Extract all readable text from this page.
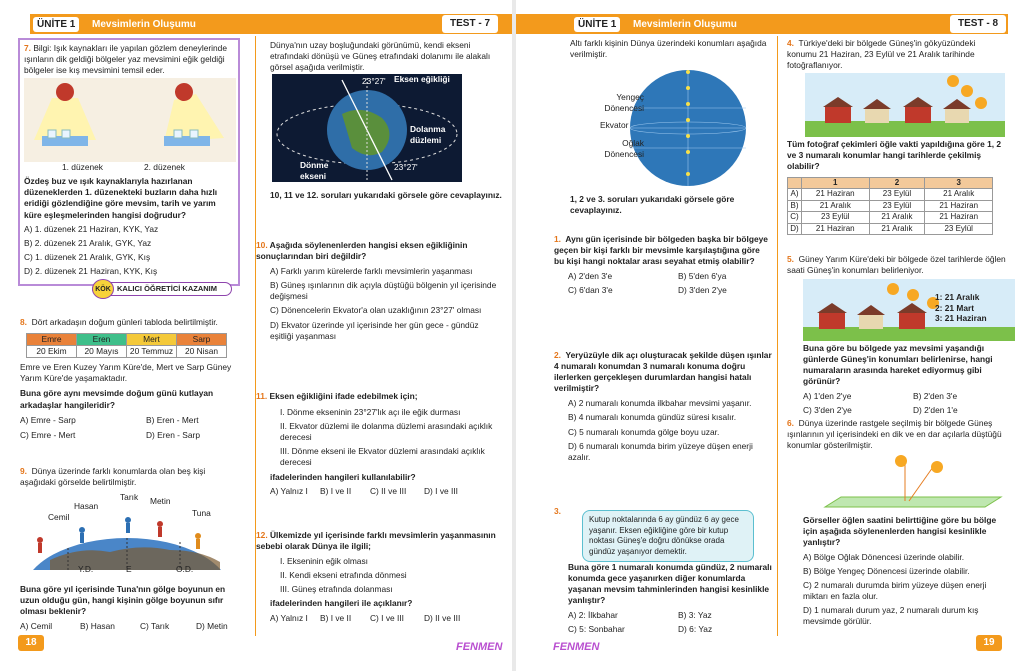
ÜNİTE 1	Mevsimlerin Oluşumu	TEST - 7	ÜNİTE 1	Mevsimlerin Oluşumu	TEST - 8
7. Bilgi: Işık kaynakları ile yapılan gözlem deneylerinde ışınların dik geldiği bölgeler yaz mevsimini eğik geldiği bölgeler ise kış mevsimini temsil eder.
1. düzenek	2. düzenek
Özdeş buz ve ışık kaynaklarıyla hazırlanan düzeneklerden 1. düzenekteki buzların daha hızlı eridiği gözlendiğine göre mevsim, tarih ve yarım küre eşleşmelerinden hangisi doğrudur?
A) 1. düzenek 21 Haziran, KYK, Yaz
B) 2. düzenek 21 Aralık, GYK, Yaz
C) 1. düzenek 21 Aralık, GYK, Kış
D) 2. düzenek 21 Haziran, KYK, Kış
KALICI ÖĞRETİCİ KAZANIM
KÖK
8. Dört arkadaşın doğum günleri tabloda belirtilmiştir.
Emre	Eren	Mert	Sarp
20 Ekim	20 Mayıs	20 Temmuz	20 Nisan
Emre ve Eren Kuzey Yarım Küre'de, Mert ve Sarp Güney Yarım Küre'de yaşamaktadır.
Buna göre aynı mevsimde doğum günü kutlayan arkadaşlar hangileridir?
A) Emre - Sarp	B) Eren - Mert
C) Emre - Mert	D) Eren - Sarp
9. Dünya üzerinde farklı konumlarda olan beş kişi aşağıdaki görselde belirtilmiştir.
Cemil
Hasan
Tarık Metin
Tuna
Y.D.	E	O.D.
Buna göre yıl içerisinde Tuna'nın gölge boyunun en uzun olduğu gün, hangi kişinin gölge boyunun sıfır olması beklenir?
A) Cemil	B) Hasan	C) Tarık	D) Metin
Dünya'nın uzay boşluğundaki görünümü, kendi ekseni etrafındaki dönüşü ve Güneş etrafındaki dolanımı ile alakalı görsel aşağıda verilmiştir.
23°27' Eksen eğikliği
Dolanma düzlemi
23°27'
Dönme ekseni
10, 11 ve 12. soruları yukarıdaki görsele göre cevaplayınız.
10. Aşağıda söylenenlerden hangisi eksen eğikliğinin sonuçlarından biri değildir?
A) Farklı yarım kürelerde farklı mevsimlerin yaşanması
B) Güneş ışınlarının dik açıyla düştüğü bölgenin yıl içerisinde değişmesi
C) Dönencelerin Ekvator'a olan uzaklığının 23°27' olması
D) Ekvator üzerinde yıl içerisinde her gün gece - gündüz eşitliği yaşanması
11. Eksen eğikliğini ifade edebilmek için;
I. Dönme ekseninin 23°27'lık açı ile eğik durması
II. Ekvator düzlemi ile dolanma düzlemi arasındaki açıklık derecesi
III. Dönme ekseni ile Ekvator düzlemi arasındaki açıklık derecesi
ifadelerinden hangileri kullanılabilir?
A) Yalnız I B) I ve II C) II ve III D) I ve III
12. Ülkemizde yıl içerisinde farklı mevsimlerin yaşanmasının sebebi olarak Dünya ile ilgili;
I. Ekseninin eğik olması
II. Kendi ekseni etrafında dönmesi
III. Güneş etrafında dolanması
ifadelerinden hangileri ile açıklanır?
A) Yalnız I B) I ve II C) I ve III D) II ve III
18	FENMEN
Altı farklı kişinin Dünya üzerindeki konumları aşağıda verilmiştir.
Yengeç Dönencesi
Ekvator
Oğlak Dönencesi
1, 2 ve 3. soruları yukarıdaki görsele göre cevaplayınız.
1. Aynı gün içerisinde bir bölgeden başka bir bölgeye geçen bir kişi farklı bir mevsimle karşılaştığına göre bu kişi hangi noktalar arası seyahat etmiş olabilir?
A) 2'den 3'e	B) 5'den 6'ya
C) 6'dan 3'e	D) 3'den 2'ye
2. Yeryüzüyle dik açı oluşturacak şekilde düşen ışınlar 4 numaralı konumdan 3 numaralı konuma doğru ilerlerken gerçekleşen durumlardan hangisi hatalı verilmiştir?
A) 2 numaralı konumda ilkbahar mevsimi yaşanır.
B) 4 numaralı konumda gündüz süresi kısalır.
C) 5 numaralı konumda gölge boyu uzar.
D) 6 numaralı konumda birim yüzeye düşen enerji azalır.
3.
Kutup noktalarında 6 ay gündüz 6 ay gece yaşanır. Eksen eğikliğine göre bir kutup noktası Güneş'e doğru dönükse orada gündüz yaşanıyor demektir.
Buna göre 1 numaralı konumda gündüz, 2 numaralı konumda gece yaşanırken diğer konumlarda yaşanan mevsim tahminlerinden hangisi kesinlikle yanlıştır?
A) 2: İlkbahar	B) 3: Yaz
C) 5: Sonbahar	D) 6: Yaz
FENMEN
4. Türkiye'deki bir bölgede Güneş'in gökyüzündeki konumu 21 Haziran, 23 Eylül ve 21 Aralık tarihinde fotoğraflanıyor.
Tüm fotoğraf çekimleri öğle vakti yapıldığına göre 1, 2 ve 3 numaralı konumlar hangi tarihlerde çekilmiş olabilir?
	1	2	3
A)	21 Haziran	23 Eylül	21 Aralık
B)	21 Aralık	23 Eylül	21 Haziran
C)	23 Eylül	21 Aralık	21 Haziran
D)	21 Haziran	21 Aralık	23 Eylül
5. Güney Yarım Küre'deki bir bölgede özel tarihlerde öğlen saati Güneş'in konumları belirleniyor.
1: 21 Aralık
2: 21 Mart
3: 21 Haziran
Buna göre bu bölgede yaz mevsimi yaşandığı günlerde Güneş'in konumları belirlenirse, hangi numaraların arasında hareket ediyormuş gibi görünür?
A) 1'den 2'ye	B) 2'den 3'e
C) 3'den 2'ye	D) 2'den 1'e
6. Dünya üzerinde rastgele seçilmiş bir bölgede Güneş ışınlarının yıl içerisindeki en dik ve en dar açılarla düştüğü konumlar gösterilmiştir.
Görseller öğlen saatini belirttiğine göre bu bölge için aşağıda söylenenlerden hangisi kesinlikle yanlıştır?
A) Bölge Oğlak Dönencesi üzerinde olabilir.
B) Bölge Yengeç Dönencesi üzerinde olabilir.
C) 2 numaralı durumda birim yüzeye düşen enerji miktarı en fazla olur.
D) 1 numaralı durum yaz, 2 numaralı durum kış mevsimde görülür.
19
